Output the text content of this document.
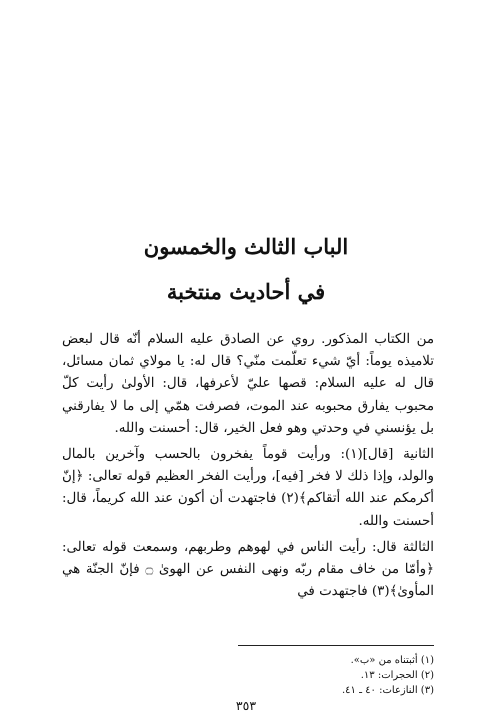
الباب الثالث والخمسون
في أحاديث منتخبة

من الكتاب المذكور. روي عن الصادق عليه السلام أنّه قال لبعض تلاميذه يوماً: أيّ شيء تعلّمت منّي؟ قال له: يا مولاي ثمان مسائل، قال له عليه السلام: قصها عليّ لأعرفها، قال: الأولىٰ رأيت كلّ محبوب يفارق محبوبه عند الموت، فصرفت همّي إلى ما لا يفارقني بل يؤنسني في وحدتي وهو فعل الخير، قال: أحسنت والله.

الثانية [قال](١): ورأيت قوماً يفخرون بالحسب وآخرين بالمال والولد، وإذا ذلك لا فخر [فيه]، ورأيت الفخر العظيم قوله تعالى: ﴿إنّ أكرمكم عند الله أتقاكم﴾(٢) فاجتهدت أن أكون عند الله كريماً، قال: أحسنت والله.

الثالثة قال: رأيت الناس في لهوهم وطربهم، وسمعت قوله تعالى: ﴿وأمّا من خاف مقام ربّه ونهى النفس عن الهوىٰ ۝ فإنّ الجنّة هي المأوىٰ﴾(٣) فاجتهدت في

(١) أثبتناه من «ب».
(٢) الحجرات: ١٣.
(٣) النازعات: ٤٠ ـ ٤١.
٣٥٣
